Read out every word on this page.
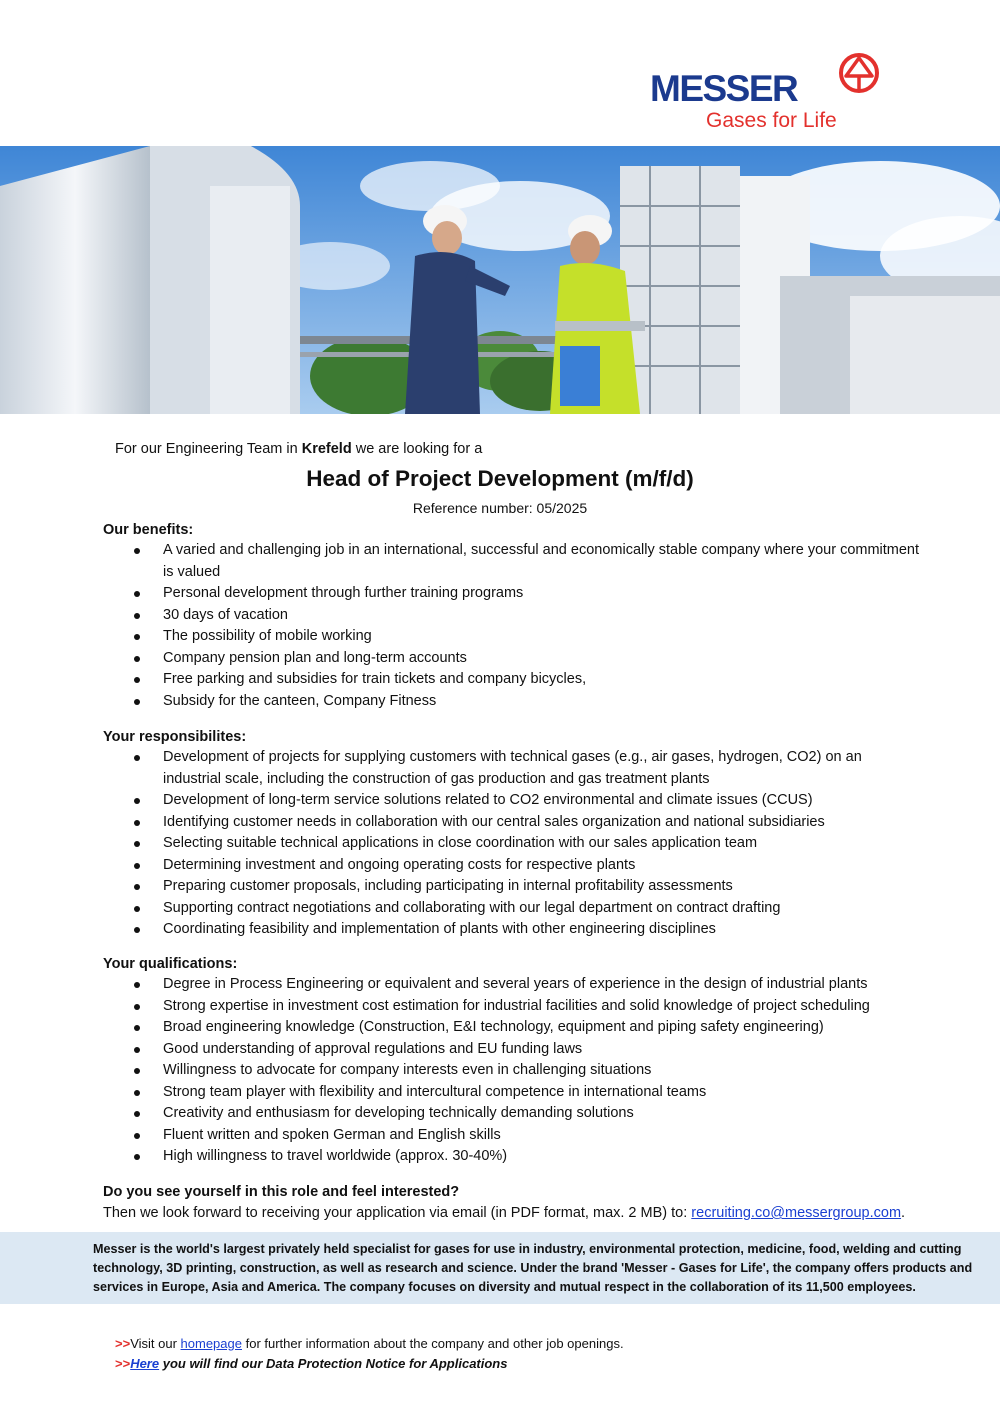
MESSER
Gases for Life
For our Engineering Team in Krefeld we are looking for a
Head of Project Development (m/f/d)
Reference number: 05/2025
Our benefits:
A varied and challenging job in an international, successful and economically stable company where your commitment is valued
Personal development through further training programs
30 days of vacation
The possibility of mobile working
Company pension plan and long-term accounts
Free parking and subsidies for train tickets and company bicycles,
Subsidy for the canteen, Company Fitness
Your responsibilites:
Development of projects for supplying customers with technical gases (e.g., air gases, hydrogen, CO2) on an industrial scale, including the construction of gas production and gas treatment plants
Development of long-term service solutions related to CO2 environmental and climate issues (CCUS)
Identifying customer needs in collaboration with our central sales organization and national subsidiaries
Selecting suitable technical applications in close coordination with our sales application team
Determining investment and ongoing operating costs for respective plants
Preparing customer proposals, including participating in internal profitability assessments
Supporting contract negotiations and collaborating with our legal department on contract drafting
Coordinating feasibility and implementation of plants with other engineering disciplines
Your qualifications:
Degree in Process Engineering or equivalent and several years of experience in the design of industrial plants
Strong expertise in investment cost estimation for industrial facilities and solid knowledge of project scheduling
Broad engineering knowledge (Construction, E&I technology, equipment and piping safety engineering)
Good understanding of approval regulations and EU funding laws
Willingness to advocate for company interests even in challenging situations
Strong team player with flexibility and intercultural competence in international teams
Creativity and enthusiasm for developing technically demanding solutions
Fluent written and spoken German and English skills
High willingness to travel worldwide (approx. 30-40%)
Do you see yourself in this role and feel interested?
Then we look forward to receiving your application via email (in PDF format, max. 2 MB) to: recruiting.co@messergroup.com.

Messer is the world's largest privately held specialist for gases for use in industry, environmental protection, medicine, food, welding and cutting technology, 3D printing, construction, as well as research and science. Under the brand 'Messer - Gases for Life', the company offers products and services in Europe, Asia and America. The company focuses on diversity and mutual respect in the collaboration of its 11,500 employees.

>>Visit our homepage for further information about the company and other job openings.
>>Here you will find our Data Protection Notice for Applications
